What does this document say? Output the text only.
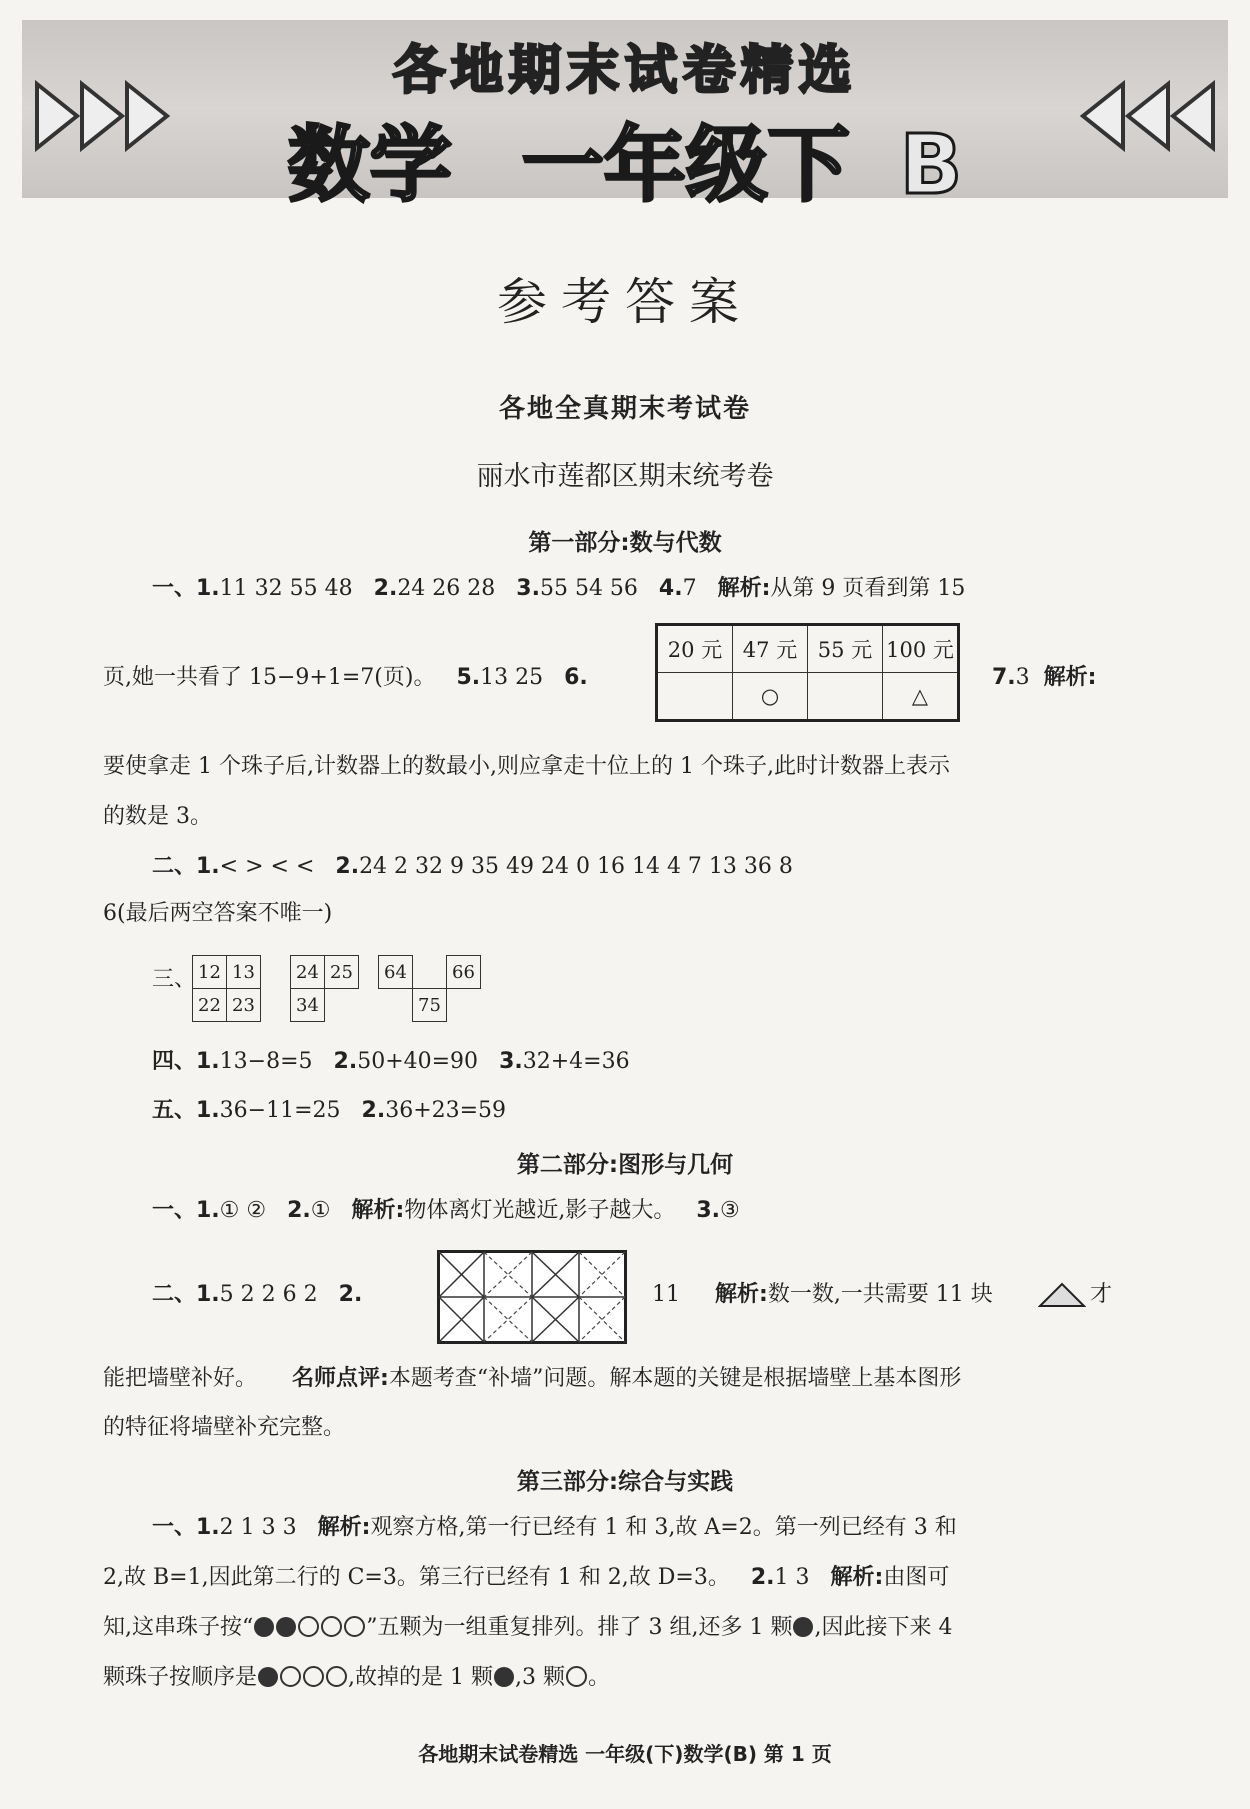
各地期末试卷精选
数学 一年级下 B
参考答案
各地全真期末考试卷
丽水市莲都区期末统考卷
第一部分:数与代数
一、1.11 32 55 48 2.24 26 28 3.55 54 56 4.7 解析:从第 9 页看到第 15
页,她一共看了 15−9+1=7(页)。 5.13 25 6.
20 元	47 元	55 元	100 元
	○		△
7.3 解析:
要使拿走 1 个珠子后,计数器上的数最小,则应拿走十位上的 1 个珠子,此时计数器上表示
的数是 3。
二、1.< > < < 2.24 2 32 9 35 49 24 0 16 14 4 7 13 36 8
6(最后两空答案不唯一)
三、 12	13
22	23
24	25
34	
64		66
	75	
四、1.13−8=5 2.50+40=90 3.32+4=36
五、1.36−11=25 2.36+23=59
第二部分:图形与几何
一、1.① ② 2.① 解析:物体离灯光越近,影子越大。 3.③
二、1.5 2 2 6 2 2.	11 解析:数一数,一共需要 11 块	才
能把墙壁补好。 名师点评:本题考查“补墙”问题。解本题的关键是根据墙壁上基本图形
的特征将墙壁补充完整。
第三部分:综合与实践
一、1.2 1 3 3 解析:观察方格,第一行已经有 1 和 3,故 A=2。第一列已经有 3 和
2,故 B=1,因此第二行的 C=3。第三行已经有 1 和 2,故 D=3。 2.1 3 解析:由图可
知,这串珠子按“	”五颗为一组重复排列。排了 3 组,还多 1 颗 ,因此接下来 4
颗珠子按顺序是	,故掉的是 1 颗 ,3 颗 。
各地期末试卷精选 一年级(下)数学(B) 第 1 页
